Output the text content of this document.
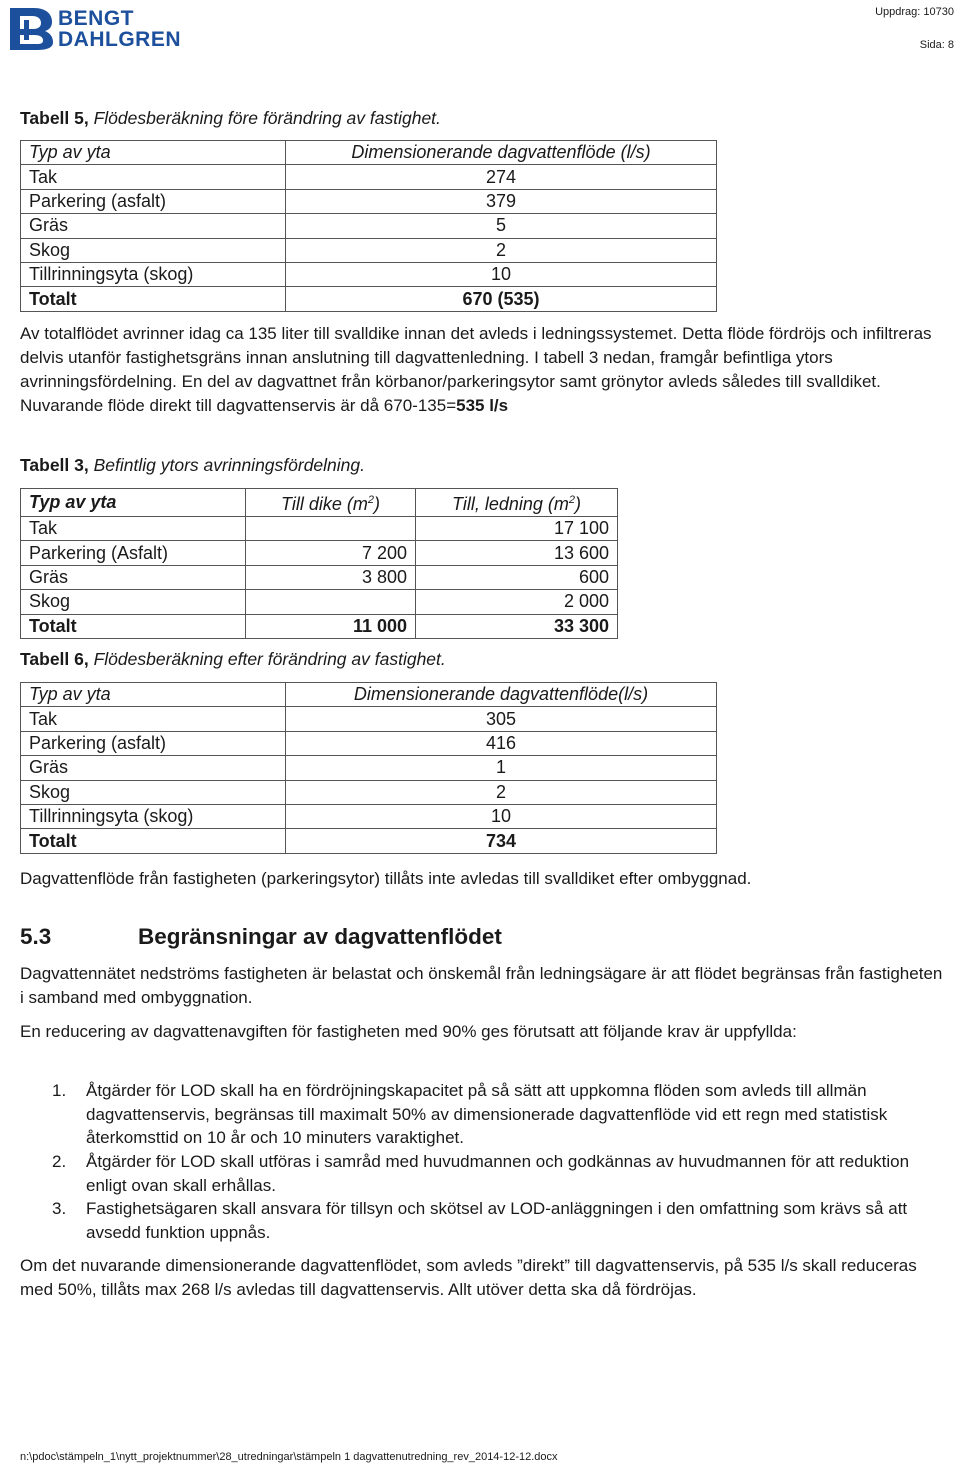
BENGT
DAHLGREN
Uppdrag: 10730
Sida: 8
Tabell 5, Flödesberäkning före förändring av fastighet.
Typ av yta	Dimensionerande dagvattenflöde (l/s)
Tak	274
Parkering (asfalt)	379
Gräs	5
Skog	2
Tillrinningsyta (skog)	10
Totalt	670 (535)
Av totalflödet avrinner idag ca 135 liter till svalldike innan det avleds i ledningssystemet. Detta flöde fördröjs och infiltreras delvis utanför fastighetsgräns innan anslutning till dagvattenledning. I tabell 3 nedan, framgår befintliga ytors avrinningsfördelning. En del av dagvattnet från körbanor/parkeringsytor samt grönytor avleds således till svalldiket. Nuvarande flöde direkt till dagvattenservis är då 670-135=535 l/s
Tabell 3, Befintlig ytors avrinningsfördelning.
Typ av yta	Till dike $(m^2)$	Till, ledning $(m^2)$
Tak		17 100
Parkering (Asfalt)	7 200	13 600
Gräs	3 800	600
Skog		2 000
Totalt	11 000	33 300
Tabell 6, Flödesberäkning efter förändring av fastighet.
Typ av yta	Dimensionerande dagvattenflöde(l/s)
Tak	305
Parkering (asfalt)	416
Gräs	1
Skog	2
Tillrinningsyta (skog)	10
Totalt	734
Dagvattenflöde från fastigheten (parkeringsytor) tillåts inte avledas till svalldiket efter ombyggnad.
5.3	Begränsningar av dagvattenflödet
Dagvattennätet nedströms fastigheten är belastat och önskemål från ledningsägare är att flödet begränsas från fastigheten i samband med ombyggnation.
En reducering av dagvattenavgiften för fastigheten med 90% ges förutsatt att följande krav är uppfyllda:
1.	Åtgärder för LOD skall ha en fördröjningskapacitet på så sätt att uppkomna flöden som avleds till allmän dagvattenservis, begränsas till maximalt 50% av dimensionerade dagvattenflöde vid ett regn med statistisk återkomsttid on 10 år och 10 minuters varaktighet.
2.	Åtgärder för LOD skall utföras i samråd med huvudmannen och godkännas av huvudmannen för att reduktion enligt ovan skall erhållas.
3.	Fastighetsägaren skall ansvara för tillsyn och skötsel av LOD-anläggningen i den omfattning som krävs så att avsedd funktion uppnås.
Om det nuvarande dimensionerande dagvattenflödet, som avleds ”direkt” till dagvattenservis, på 535 l/s skall reduceras med 50%, tillåts max 268 l/s avledas till dagvattenservis. Allt utöver detta ska då fördröjas.
n:\pdoc\stämpeln_1\nytt_projektnummer\28_utredningar\stämpeln 1 dagvattenutredning_rev_2014-12-12.docx
